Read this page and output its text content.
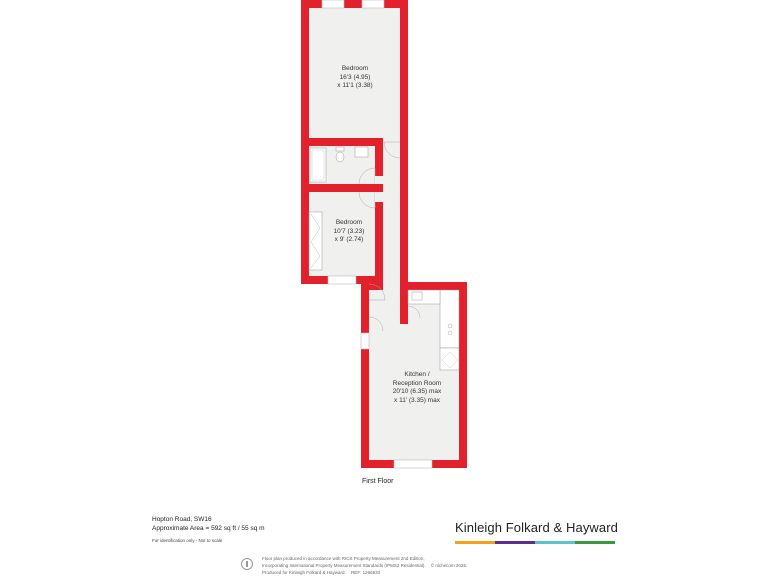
Bedroom
16'3 (4.95)
x 11'1 (3.38)
Bedroom
10'7 (3.23)
x 9' (2.74)
Kitchen /
Reception Room
20'10 (6.35) max
x 11' (3.35) max
First Floor
Hopton Road, SW16
Approximate Area = 592 sq ft / 55 sq m
For identification only - Not to scale
Kinleigh Folkard & Hayward
Floor plan produced in accordance with RICS Property Measurement 2nd Edition,
Incorporating International Property Measurement Standards (IPMS2 Residential). © nichecom 2025.
Produced for Kinleigh Folkard & Hayward. REF: 1266933
